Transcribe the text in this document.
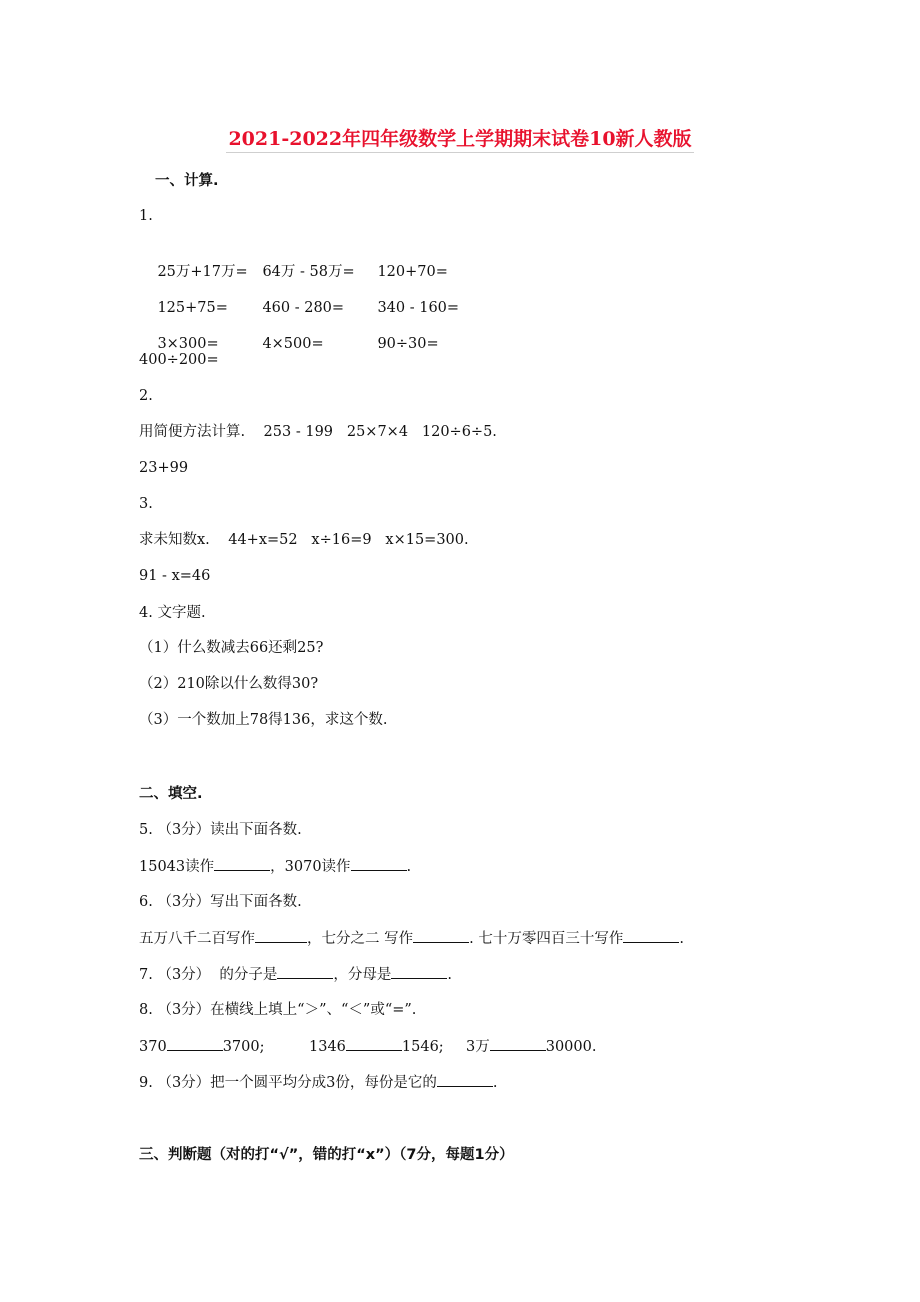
2021-2022年四年级数学上学期期末试卷10新人教版
一、计算.
1.

25万+17万= 64万 - 58万= 120+70=

125+75= 460 - 280= 340 - 160=

3×300=	4×500=	90÷30=

400÷200=
2.
用简便方法计算.    253 - 199   25×7×4   120÷6÷5.
23+99
3.
求未知数x.    44+x=52   x÷16=9   x×15=300.
91 - x=46
4. 文字题.
（1）什么数减去66还剩25?
（2）210除以什么数得30?
（3）一个数加上78得136，求这个数.
二、填空.
5. （3分）读出下面各数.
15043读作	，3070读作	.
6. （3分）写出下面各数.
五万八千二百写作	，七分之二 写作	. 七十万零四百三十写作	.
7. （3分）  的分子是	，分母是	.
8. （3分）在横线上填上“＞”、“＜”或“=”.
370	3700;	1346	1546; 3万	30000.
9. （3分）把一个圆平均分成3份，每份是它的	.
三、判断题（对的打“√”，错的打“x”）（7分，每题1分）
